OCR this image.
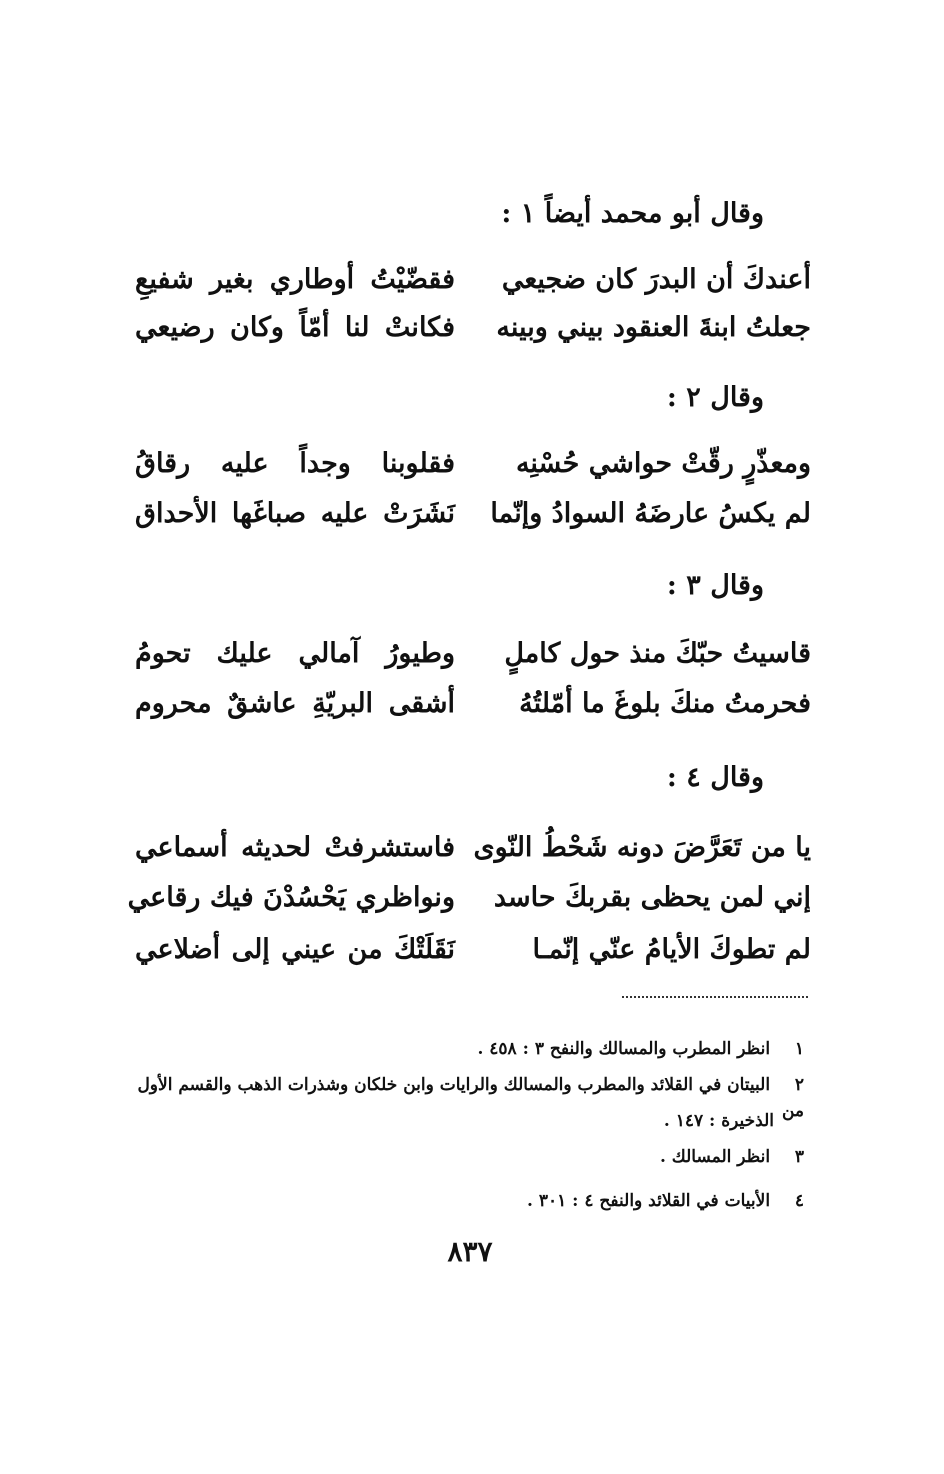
وقال أبو محمد أيضاً ١ :
أعندكَ أن البدرَ كان ضجيعي
فقضّيْتُ أوطاري بغير شفيعِ
جعلتُ ابنةَ العنقود بيني وبينه
فكانتْ لنا أمّاً وكان رضيعي
وقال ٢ :
ومعذّرٍ رقّتْ حواشي حُسْنِه
فقلوبنا وجداً عليه رقاقُ
لم يكسُ عارضَهُ السوادُ وإنّما
نَشَرَتْ عليه صباغَها الأحداق
وقال ٣ :
قاسيتُ حبّكَ منذ حول كاملٍ
وطيورُ آمالي عليك تحومُ
فحرمتُ منكَ بلوغَ ما أمّلتُهُ
أشقى البريّةِ عاشقٌ محروم
وقال ٤ :
يا من تَعَرَّضَ دونه شَحْطُ النّوى
فاستشرفتْ لحديثه أسماعي
إني لمن يحظى بقربكَ حاسد
ونواظري يَحْسُدْنَ فيك رقاعي
لم تطوكَ الأيامُ عنّي إنّمـا
نَقَلَتْكَ من عيني إلى أضلاعي
١ انظر المطرب والمسالك والنفح ٣ : ٤٥٨ .
٢ البيتان في القلائد والمطرب والمسالك والرايات وابن خلكان وشذرات الذهب والقسم الأول من
الذخيرة : ١٤٧ .
٣ انظر المسالك .
٤ الأبيات في القلائد والنفح ٤ : ٣٠١ .
٨٣٧
